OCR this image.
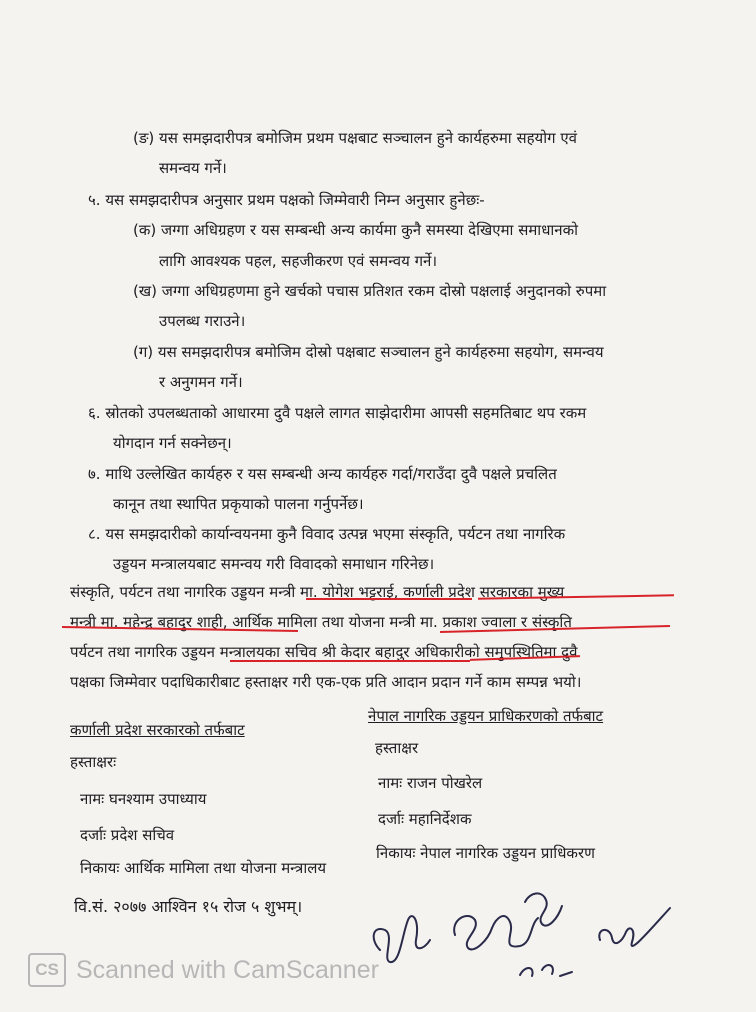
(ङ) यस समझदारीपत्र बमोजिम प्रथम पक्षबाट सञ्चालन हुने कार्यहरुमा सहयोग एवं
समन्वय गर्ने।
५. यस समझदारीपत्र अनुसार प्रथम पक्षको जिम्मेवारी निम्न अनुसार हुनेछः-
(क) जग्गा अधिग्रहण र यस सम्बन्धी अन्य कार्यमा कुनै समस्या देखिएमा समाधानको
लागि आवश्यक पहल, सहजीकरण एवं समन्वय गर्ने।
(ख) जग्गा अधिग्रहणमा हुने खर्चको पचास प्रतिशत रकम दोस्रो पक्षलाई अनुदानको रुपमा
उपलब्ध गराउने।
(ग) यस समझदारीपत्र बमोजिम दोस्रो पक्षबाट सञ्चालन हुने कार्यहरुमा सहयोग, समन्वय
र अनुगमन गर्ने।
६. स्रोतको उपलब्धताको आधारमा दुवै पक्षले लागत साझेदारीमा आपसी सहमतिबाट थप रकम
योगदान गर्न सक्नेछन्।
७. माथि उल्लेखित कार्यहरु र यस सम्बन्धी अन्य कार्यहरु गर्दा/गराउँदा दुवै पक्षले प्रचलित
कानून तथा स्थापित प्रकृयाको पालना गर्नुपर्नेछ।
८. यस समझदारीको कार्यान्वयनमा कुनै विवाद उत्पन्न भएमा संस्कृति, पर्यटन तथा नागरिक
उड्डयन मन्त्रालयबाट समन्वय गरी विवादको समाधान गरिनेछ।
संस्कृति, पर्यटन तथा नागरिक उड्डयन मन्त्री मा. योगेश भट्टराई, कर्णाली प्रदेश सरकारका मुख्य
मन्त्री मा. महेन्द्र बहादुर शाही, आर्थिक मामिला तथा योजना मन्त्री मा. प्रकाश ज्वाला र संस्कृति
पर्यटन तथा नागरिक उड्डयन मन्त्रालयका सचिव श्री केदार बहादुर अधिकारीको समुपस्थितिमा दुवै
पक्षका जिम्मेवार पदाधिकारीबाट हस्ताक्षर गरी एक-एक प्रति आदान प्रदान गर्ने काम सम्पन्न भयो।
कर्णाली प्रदेश सरकारको तर्फबाट
हस्ताक्षरः
नामः घनश्याम उपाध्याय
दर्जाः प्रदेश सचिव
निकायः आर्थिक मामिला तथा योजना मन्त्रालय
नेपाल नागरिक उड्डयन प्राधिकरणको तर्फबाट
हस्ताक्षर
नामः राजन पोखरेल
दर्जाः महानिर्देशक
निकायः नेपाल नागरिक उड्डयन प्राधिकरण
वि.सं. २०७७ आश्विन १५ रोज ५ शुभम्।
CS Scanned with CamScanner
